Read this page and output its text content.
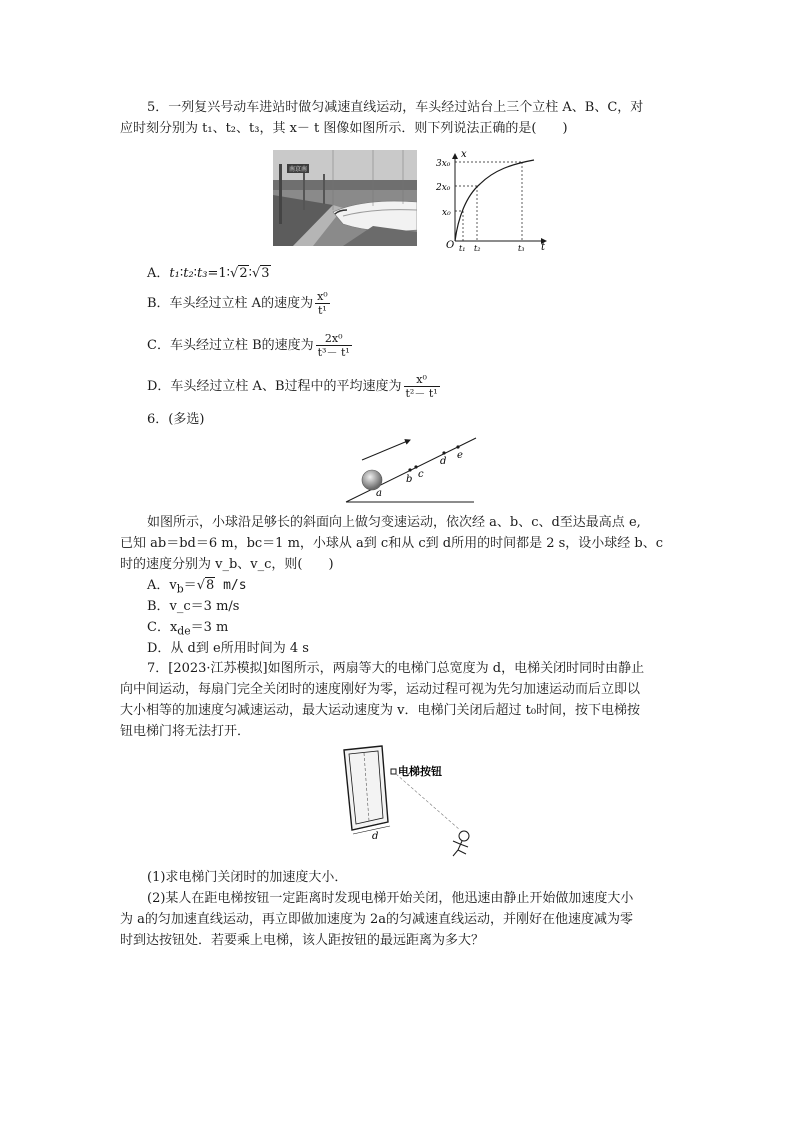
5．一列复兴号动车进站时做匀减速直线运动，车头经过站台上三个立柱 A、B、C，对
应时刻分别为 t₁、t₂、t₃，其 x－ t 图像如图所示．则下列说法正确的是(　　)
南京南
x
t
O
x₀
2x₀
3x₀
t₁ t₂	t₃
A．t₁∶t₂∶t₃=1∶√2∶√3
B．车头经过立柱 A的速度为 $\frac{\text{x⁰}}{\text{t¹}}$
C．车头经过立柱 B的速度为 $\frac{\text{2x⁰}}{\text{t³－ t¹}}$
D．车头经过立柱 A、B过程中的平均速度为 $\frac{\text{x⁰}}{\text{t²－ t¹}}$
6．(多选)
a
b c
d
e
如图所示，小球沿足够长的斜面向上做匀变速运动，依次经 a、b、c、d至达最高点 e,
已知 ab＝bd＝6 m，bc＝1 m，小球从 a到 c和从 c到 d所用的时间都是 2 s，设小球经 b、c
时的速度分别为 v_b、v_c，则(　　)
A．$v_b=√8$ m/s
B．v_c＝3 m/s
C．$x_{de}=3$ m
D．从 d到 e所用时间为 4 s
7．[2023·江苏模拟]如图所示，两扇等大的电梯门总宽度为 d，电梯关闭时同时由静止
向中间运动，每扇门完全关闭时的速度刚好为零，运动过程可视为先匀加速运动而后立即以
大小相等的加速度匀减速运动，最大运动速度为 v．电梯门关闭后超过 t₀时间，按下电梯按
钮电梯门将无法打开．
d
电梯按钮
(1)求电梯门关闭时的加速度大小．
(2)某人在距电梯按钮一定距离时发现电梯开始关闭，他迅速由静止开始做加速度大小
为 a的匀加速直线运动，再立即做加速度为 2a的匀减速直线运动，并刚好在他速度减为零
时到达按钮处．若要乘上电梯，该人距按钮的最远距离为多大？
